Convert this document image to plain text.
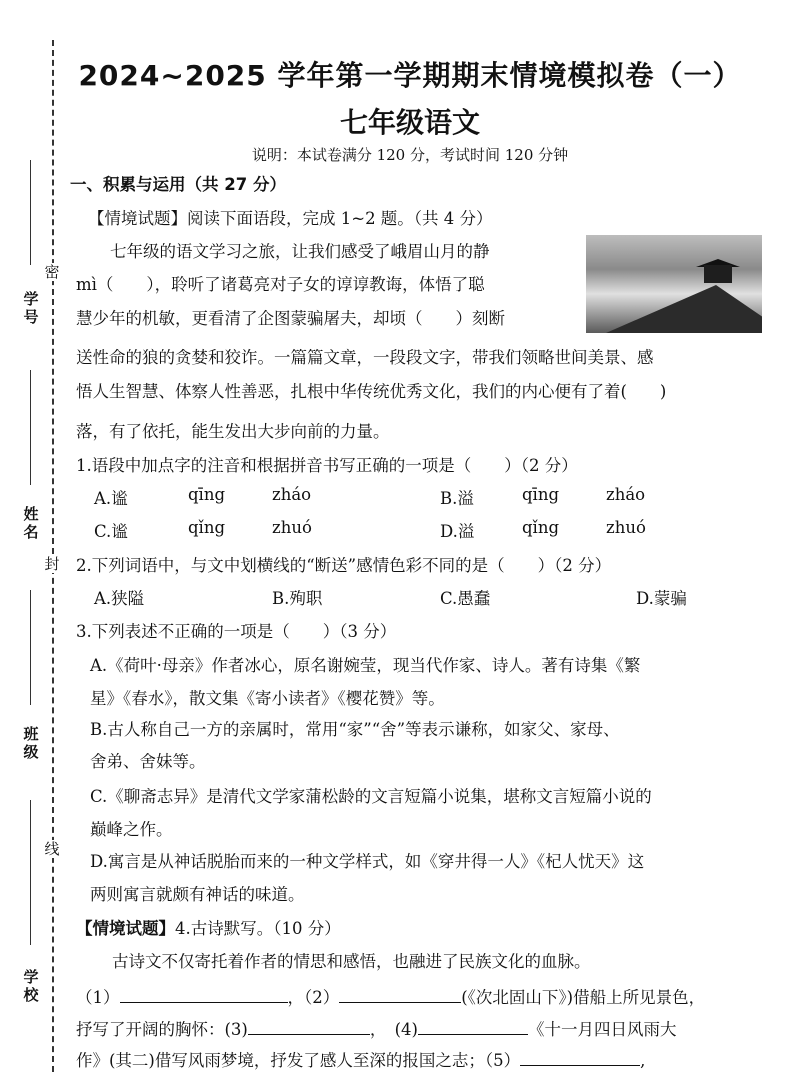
学号
姓名
班级
学校
密
封
线
2024~2025 学年第一学期期末情境模拟卷（一）
七年级语文
说明：本试卷满分 120 分，考试时间 120 分钟
一、积累与运用（共 27 分）
【情境试题】阅读下面语段，完成 1~2 题。（共 4 分）
七年级的语文学习之旅，让我们感受了峨眉山月的静
mì（　　），聆听了诸葛亮对子女的谆谆教诲，体悟了聪
慧少年的机敏，更看清了企图蒙骗屠夫，却顷（　　）刻断
送性命的狼的贪婪和狡诈。一篇篇文章，一段段文字，带我们领略世间美景、感
悟人生智慧、体察人性善恶，扎根中华传统优秀文化，我们的内心便有了着(　　)
落，有了依托，能生发出大步向前的力量。
1.语段中加点字的注音和根据拼音书写正确的一项是（　　）（2 分）
A.谧	qīng	zháo	B.溢	qīng	zháo
C.谧	qǐng	zhuó	D.溢	qǐng	zhuó
2.下列词语中，与文中划横线的“断送”感情色彩不同的是（　　）（2 分）
A.狭隘	B.殉职	C.愚蠢	D.蒙骗
3.下列表述不正确的一项是（　　）（3 分）
A.《荷叶·母亲》作者冰心，原名谢婉莹，现当代作家、诗人。著有诗集《繁
星》《春水》，散文集《寄小读者》《樱花赞》等。
B.古人称自己一方的亲属时，常用“家”“舍”等表示谦称，如家父、家母、
舍弟、舍妹等。
C.《聊斋志异》是清代文学家蒲松龄的文言短篇小说集，堪称文言短篇小说的
巅峰之作。
D.寓言是从神话脱胎而来的一种文学样式，如《穿井得一人》《杞人忧天》这
两则寓言就颇有神话的味道。
【情境试题】4.古诗默写。（10 分）
古诗文不仅寄托着作者的情思和感悟，也融进了民族文化的血脉。
（1）	，（2）	(《次北固山下》)借船上所见景色，
抒写了开阔的胸怀：(3)	，　(4)	《十一月四日风雨大
作》(其二)借写风雨梦境，抒发了感人至深的报国之志；（5）	,
